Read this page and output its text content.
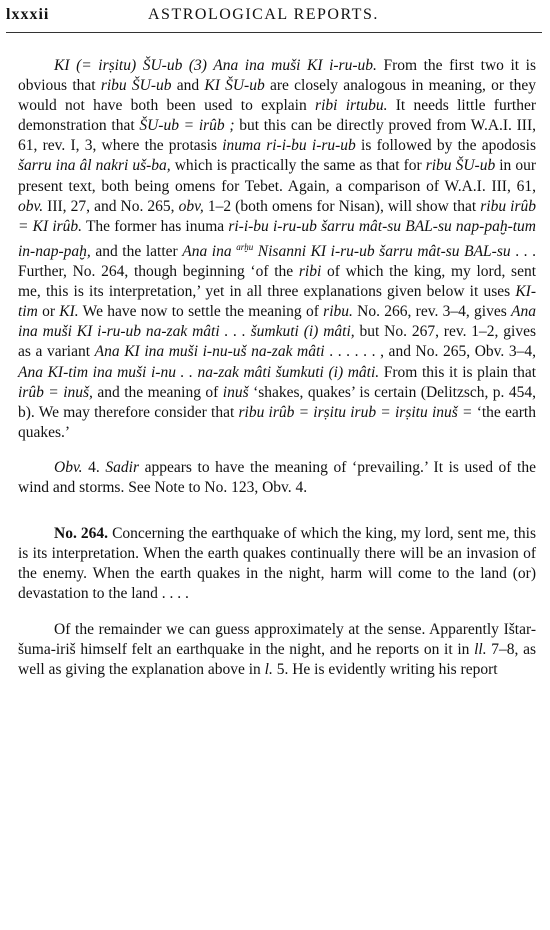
lxxxii	ASTROLOGICAL REPORTS.

KI (= irṣitu) ŠU-ub (3) Ana ina muši KI i-ru-ub. From the first two it is obvious that ribu ŠU-ub and KI ŠU-ub are closely analogous in meaning, or they would not have both been used to explain ribi irtubu. It needs little further demonstration that ŠU-ub = irûb ; but this can be directly proved from W.A.I. III, 61, rev. I, 3, where the protasis inuma ri-i-bu i-ru-ub is followed by the apodosis šarru ina âl nakri uš-ba, which is practically the same as that for ribu ŠU-ub in our present text, both being omens for Tebet. Again, a comparison of W.A.I. III, 61, obv. III, 27, and No. 265, obv, 1–2 (both omens for Nisan), will show that ribu irûb = KI irûb. The former has inuma ri-i-bu i-ru-ub šarru mât-su BAL-su nap-paḫ-tum in-nap-paḫ, and the latter Ana ina $^{arḫu}$ Nisanni KI i-ru-ub šarru mât-su BAL-su . . . Further, No. 264, though beginning ‘of the ribi of which the king, my lord, sent me, this is its interpretation,’ yet in all three explanations given below it uses KI-tim or KI. We have now to settle the meaning of ribu. No. 266, rev. 3–4, gives Ana ina muši KI i-ru-ub na-zak mâti . . . šumkuti (i) mâti, but No. 267, rev. 1–2, gives as a variant Ana KI ina muši i-nu-uš na-zak mâti . . . . . . , and No. 265, Obv. 3–4, Ana KI-tim ina muši i-nu . . na-zak mâti šumkuti (i) mâti. From this it is plain that irûb = inuš, and the meaning of inuš ‘shakes, quakes’ is certain (Delitzsch, p. 454, b). We may therefore consider that ribu irûb = irṣitu irub = irṣitu inuš = ‘the earth quakes.’

Obv. 4. Sadir appears to have the meaning of ‘prevailing.’ It is used of the wind and storms. See Note to No. 123, Obv. 4.

No. 264. Concerning the earthquake of which the king, my lord, sent me, this is its interpretation. When the earth quakes continually there will be an invasion of the enemy. When the earth quakes in the night, harm will come to the land (or) devastation to the land . . . .

Of the remainder we can guess approximately at the sense. Apparently Ištar-šuma-iriš himself felt an earthquake in the night, and he reports on it in ll. 7–8, as well as giving the explanation above in l. 5. He is evidently writing his report
